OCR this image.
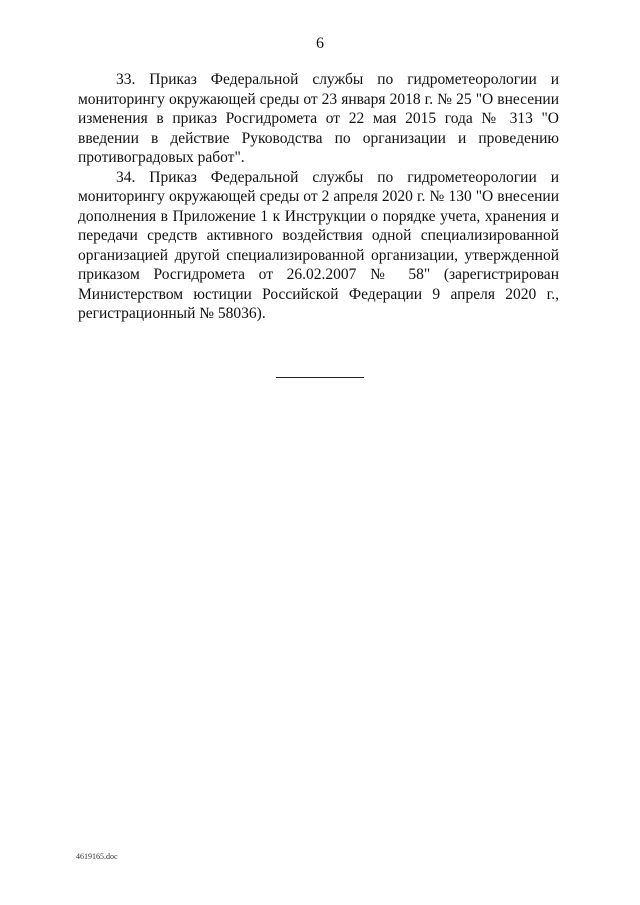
6

33. Приказ Федеральной службы по гидрометеорологии и мониторингу окружающей среды от 23 января 2018 г. № 25 "О внесении изменения в приказ Росгидромета от 22 мая 2015 года № 313 "О введении в действие Руководства по организации и проведению противоградовых работ".

34. Приказ Федеральной службы по гидрометеорологии и мониторингу окружающей среды от 2 апреля 2020 г. № 130 "О внесении дополнения в Приложение 1 к Инструкции о порядке учета, хранения и передачи средств активного воздействия одной специализированной организацией другой специализированной организации, утвержденной приказом Росгидромета от 26.02.2007 № 58" (зарегистрирован Министерством юстиции Российской Федерации 9 апреля 2020 г., регистрационный № 58036).

4619165.doc
